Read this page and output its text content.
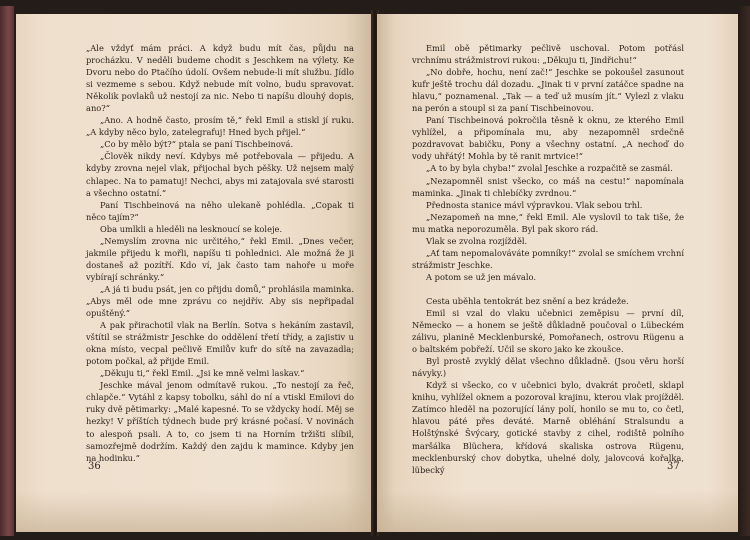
„Ale vždyť mám práci. A když budu mít čas, půjdu na procházku. V neděli budeme chodit s Jeschkem na výlety. Ke Dvoru nebo do Ptačího údolí. Ovšem nebude-li mít službu. Jídlo si vezmeme s sebou. Když nebude mít volno, budu spravovat. Několik povlaků už nestojí za nic. Nebo ti napíšu dlouhý dopis, ano?“

„Ano. A hodně často, prosím tě,“ řekl Emil a stiskl jí ruku. „A kdyby něco bylo, zatelegrafuj! Hned bych přijel.“

„Co by mělo být?“ ptala se paní Tischbeinová.

„Člověk nikdy neví. Kdybys mě potřebovala — přijedu. A kdyby zrovna nejel vlak, přijochal bych pěšky. Už nejsem malý chlapec. Na to pamatuj! Nechci, abys mi zatajovala své starosti a všechno ostatní.“

Paní Tischbeinová na něho ulekaně pohlédla. „Copak ti něco tajím?“

Oba umlkli a hleděli na lesknoucí se koleje.

„Nemyslím zrovna nic určitého,“ řekl Emil. „Dnes večer, jakmile přijedu k mořli, napíšu ti pohlednici. Ale možná že ji dostaneš až pozítří. Kdo ví, jak často tam nahoře u moře vybírají schránky.“

„A já ti budu psát, jen co přijdu domů,“ prohlásila maminka. „Abys měl ode mne zprávu co nejdřív. Aby sis nepřipadal opuštěný.“

A pak přirachotil vlak na Berlín. Sotva s hekáním zastavil, vštítil se strážmistr Jeschke do oddělení třetí třídy, a zajistiv u okna místo, vecpal pečlivě Emilův kufr do sítě na zavazadla; potom počkal, až přijde Emil.

„Děkuju ti,“ řekl Emil. „Jsi ke mně velmi laskav.“

Jeschke mával jenom odmítavě rukou. „To nestojí za řeč, chlapče.“ Vytáhl z kapsy tobolku, sáhl do ní a vtiskl Emilovi do ruky dvě pětimarky: „Malé kapesné. To se vždycky hodí. Měj se hezky! V příštích týdnech bude prý krásné počasí. V novinách to alespoň psali. A to, co jsem ti na Horním tržišti slíbil, samozřejmě dodržím. Každý den zajdu k mamince. Kdyby jen na hodinku.“

36

Emil obě pětimarky pečlivě uschoval. Potom potřásl vrchnímu strážmistrovi rukou: „Děkuju ti, Jindřichu!“

„No dobře, hochu, není zač!“ Jeschke se pokoušel zasunout kufr ještě trochu dál dozadu. „Jinak ti v první zatáčce spadne na hlavu,“ poznamenal. „Tak — a teď už musím jít.“ Vylezl z vlaku na perón a stoupl si za paní Tischbeinovou.

Paní Tischbeinová pokročila těsně k oknu, ze kterého Emil vyhlížel, a připomínala mu, aby nezapomněl srdečně pozdravovat babičku, Pony a všechny ostatní. „A nechoď do vody uhřátý! Mohla by tě ranit mrtvice!“

„A to by byla chyba!“ zvolal Jeschke a rozpačitě se zasmál.

„Nezapomněl snist všecko, co máš na cestu!“ napomínala maminka. „Jinak ti chlebíčky zvrdnou.“

Přednosta stanice mávl výpravkou. Vlak sebou trhl.

„Nezapomeň na mne,“ řekl Emil. Ale vyslovil to tak tiše, že mu matka neporozuměla. Byl pak skoro rád.

Vlak se zvolna rozjížděl.

„Ať tam nepomalováváte pomníky!“ zvolal se smíchem vrchní strážmistr Jeschke.

A potom se už jen mávalo.

Cesta uběhla tentokrát bez snění a bez krádeže.

Emil si vzal do vlaku učebnici zeměpisu — první díl, Německo — a honem se ještě důkladně poučoval o Lübeckém zálivu, planině Mecklenburské, Pomořanech, ostrovu Rügenu a o baltském pobřeží. Učil se skoro jako ke zkoušce.

Byl prostě zvyklý dělat všechno důkladně. (Jsou věru horší návyky.)

Když si všecko, co v učebnici bylo, dvakrát pročetl, sklapl knihu, vyhlížel oknem a pozoroval krajinu, kterou vlak projížděl. Zatímco hleděl na pozorující lány polí, honilo se mu to, co četl, hlavou páté přes deváté. Marně obléhání Stralsundu a Holštýnské Švýcary, gotické stavby z cihel, rodiště polního maršálka Blüchera, křídová skaliska ostrova Rügenu, mecklenburský chov dobytka, uhelné doly, jalovcová kořalka, lübecký	37
